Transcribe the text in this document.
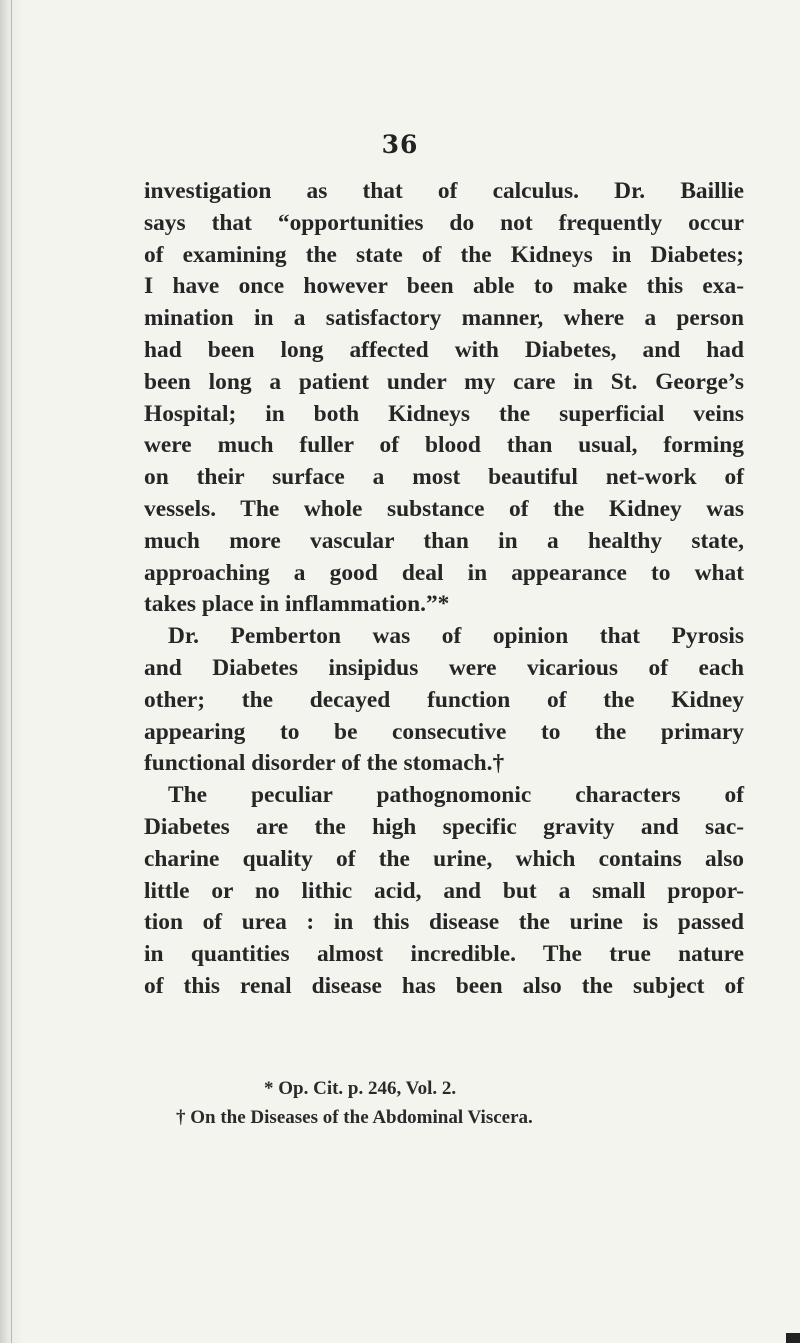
36
investigation as that of calculus. Dr. Baillie
says that “opportunities do not frequently occur
of examining the state of the Kidneys in Diabetes;
I have once however been able to make this exa-
mination in a satisfactory manner, where a person
had been long affected with Diabetes, and had
been long a patient under my care in St. George’s
Hospital; in both Kidneys the superficial veins
were much fuller of blood than usual, forming
on their surface a most beautiful net-work of
vessels. The whole substance of the Kidney was
much more vascular than in a healthy state,
approaching a good deal in appearance to what
takes place in inflammation.”*
Dr. Pemberton was of opinion that Pyrosis
and Diabetes insipidus were vicarious of each
other; the decayed function of the Kidney
appearing to be consecutive to the primary
functional disorder of the stomach.†
The peculiar pathognomonic characters of
Diabetes are the high specific gravity and sac-
charine quality of the urine, which contains also
little or no lithic acid, and but a small propor-
tion of urea : in this disease the urine is passed
in quantities almost incredible. The true nature
of this renal disease has been also the subject of
* Op. Cit. p. 246, Vol. 2.
† On the Diseases of the Abdominal Viscera.
